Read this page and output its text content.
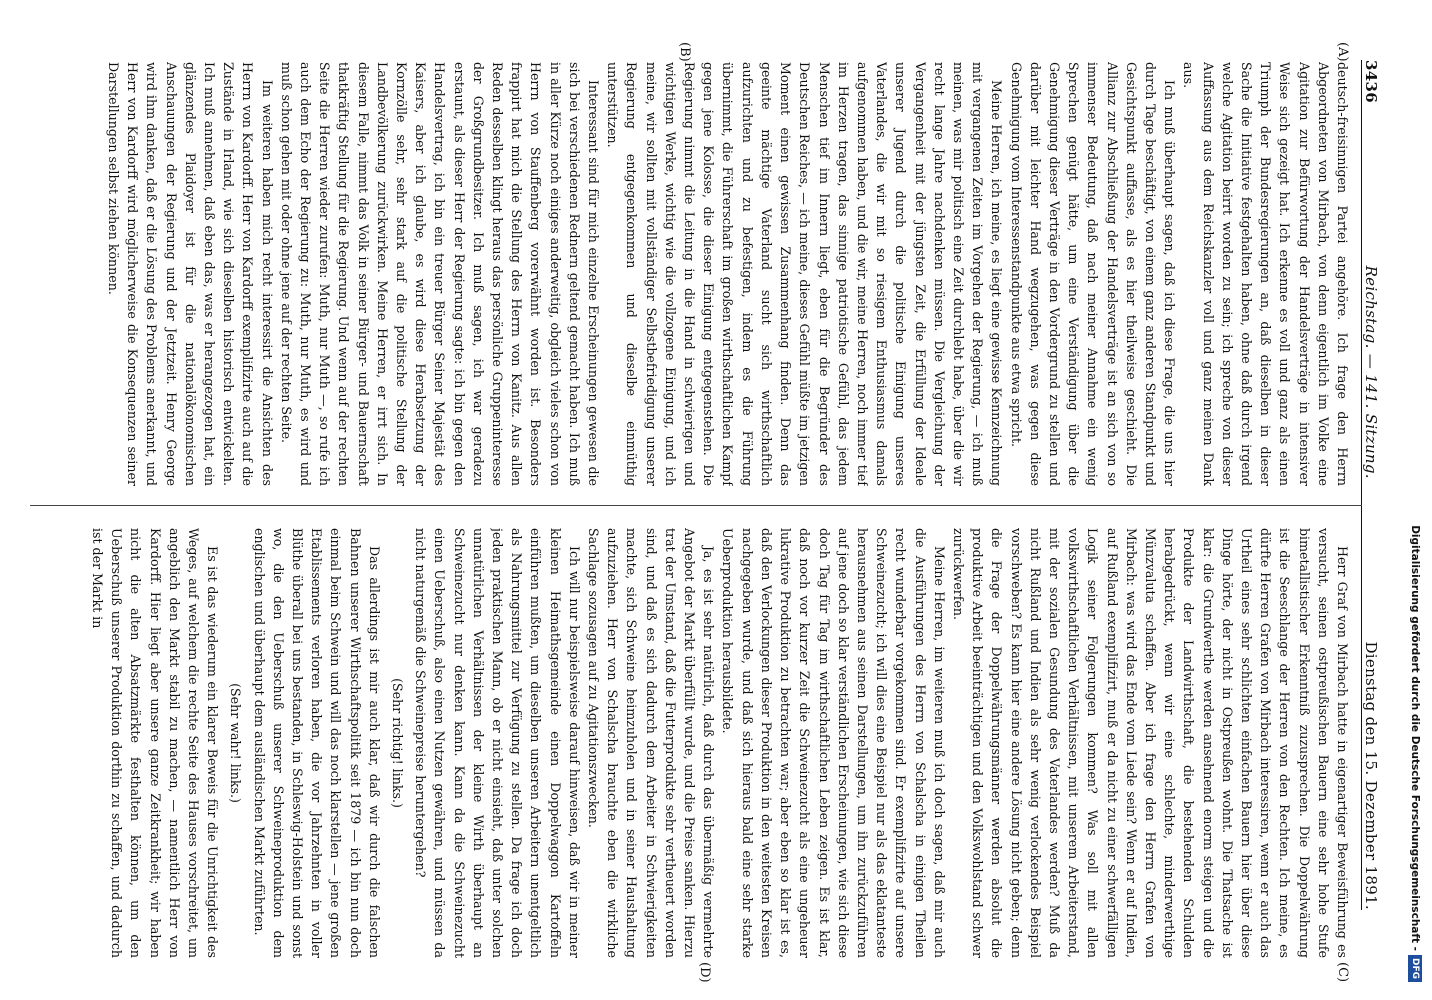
3436
Reichstag. — 141. Sitzung.
Dienstag den 15. Dezember 1891.
(A)
(B)
(C)
(D)

deutsch-freisinnigen Partei angehöre. Ich frage den Herrn Abgeordneten von Mirbach, von denn eigentlich im Volke eine Agitation zur Befürwortung der Handelsverträge in intensiver Weise sich gezeigt hat. Ich erkenne es voll und ganz als einen Triumph der Bundesregierungen an, daß dieselben in dieser Sache die Initiative festgehalten haben, ohne daß durch irgend welche Agitation beirrt worden zu sein; ich spreche von dieser Auffassung aus dem Reichskanzler voll und ganz meinen Dank aus.

Ich muß überhaupt sagen, daß ich diese Frage, die uns hier durch Tage beschäftigt, von einem ganz anderen Standpunkt und Gesichtspunkt auffasse, als es hier theilweise geschieht. Die Allianz zur Abschließung der Handelsverträge ist an sich von so immenser Bedeutung, daß nach meiner Annahme ein wenig Sprechen genügt hätte, um eine Verständigung über die Genehmigung dieser Verträge in den Vordergrund zu stellen und darüber mit leichter Hand wegzugehen, was gegen diese Genehmigung vom Interessenstandpunkte aus etwa spricht.

Meine Herren, ich meine, es liegt eine gewisse Kennzeichnung mit vergangenen Zeiten im Vorgehen der Regierung, — ich muß meinen, was mir politisch eine Zeit durchlebt habe, über die wir recht lange Jahre nachdenken müssen. Die Vergleichung der Vergangenheit mit der jüngsten Zeit, die Erfüllung der Ideale unserer Jugend durch die politische Einigung unseres Vaterlandes, die wir mit so riesigem Enthusiasmus damals aufgenommen haben, und die wir, meine Herren, noch immer tief im Herzen tragen, das sinnige patriotische Gefühl, das jedem Menschen tief im Innern liegt, eben für die Begründer des Deutschen Reiches, — ich meine, dieses Gefühl müßte im jetzigen Moment einen gewissen Zusammenhang finden. Denn das geeinte mächtige Vaterland sucht sich wirthschaftlich aufzurichten und zu befestigen, indem es die Führung übernimmt, die Führerschaft im großen wirthschaftlichen Kampf gegen jene Kolosse, die dieser Einigung entgegenstehen. Die Regierung nimmt die Leitung in die Hand in schwierigen und wichtigen Werke, wichtig wie die vollzogene Einigung, und ich meine, wir sollten mit vollständiger Selbstbefriedigung unserer Regierung entgegenkommen und dieselbe einmüthig unterstützen.

Interessant sind für mich einzelne Erscheinungen gewesen die sich bei verschiedenen Rednern geltend gemacht haben. Ich muß in aller Kürze noch einiges anderweitig, obgleich vieles schon von Herrn von Stauffenberg vorerwähnt worden ist. Besonders frappirt hat mich die Stellung des Herrn von Kanitz. Aus allen Reden desselben klingt heraus das persönliche Gruppeninteresse der Großgrundbesitzer. Ich muß sagen, ich war geradezu erstaunt, als dieser Herr der Regierung sagte: ich bin gegen den Handelsvertrag, ich bin ein treuer Bürger Seiner Majestät des Kaisers, aber ich glaube, es wird diese Herabsetzung der Kornzölle sehr, sehr stark auf die politische Stellung der Landbevölkerung zurückwirken. Meine Herren, er irrt sich. In diesem Falle, nimmt das Volk in seiner Bürger- und Bauernschaft thatkräftig Stellung für die Regierung. Und wenn auf der rechten Seite die Herren wieder zurufen: Muth, nur Muth —, so rufe ich auch dem Echo der Regierung zu: Muth, nur Muth, es wird und muß schon gehen mit oder ohne jene auf der rechten Seite.

Im weiteren haben mich recht interessirt die Ansichten des Herrn von Kardorff. Herr von Kardorff exemplifizirte auch auf die Zustände in Irland, wie sich dieselben historisch entwickelten. Ich muß annehmen, daß eben das, was er herangezogen hat, ein glänzendes Plaidoyer ist für die nationalökonomischen Anschauungen der Regierung und der Jetztzeit. Henry George wird ihm danken, daß er die Lösung des Problems anerkannt, und Herr von Kardorff wird möglicherweise die Konsequenzen seiner Darstellungen selbst ziehen können.

Herr Graf von Mirbach hatte in eigenartiger Beweisführung es versucht, seinen ostpreußischen Bauern eine sehr hohe Stufe bimetallistischer Erkenntniß zuzusprechen. Die Doppelwährung ist die Seeschlange der Herren von den Rechten. Ich meine, es dürfte Herren Grafen von Mirbach interessiren, wenn er auch das Urtheil eines sehr schlichten einfachen Bauern hier über diese Dinge hörte, der nicht in Ostpreußen wohnt. Die Thatsache ist klar: die Grundwerthe werden ansehnend enorm steigen und die Produkte der Landwirthschaft, die bestehenden Schulden herabgedrückt, wenn wir eine schlechte, minderwerthige Münzvaluta schaffen. Aber ich frage den Herrn Grafen von Mirbach: was wird das Ende vom Liede sein? Wenn er auf Indien, auf Rußland exemplifizirt, muß er da nicht zu einer schwerfälligen Logik seiner Folgerungen kommen? Was soll mit allen volkswirthschaftlichen Verhältnissen, mit unserem Arbeiterstand, mit der sozialen Gesundung des Vaterlandes werden? Muß da nicht Rußland und Indien als sehr wenig verlockendes Beispiel vorschweben? Es kann hier eine andere Lösung nicht geben; denn die Frage der Doppelwährungsmänner werden absolut die produktive Arbeit beeinträchtigen und den Volkswohlstand schwer zurückwerfen.

Meine Herren, im weiteren muß ich doch sagen, daß mir auch die Ausführungen des Herrn von Schalscha in einigen Theilen recht wunderbar vorgekommen sind. Er exemplifizirte auf unsere Schweinezucht; ich will dies eine Beispiel nur als das eklatanteste herausnehmen aus seinen Darstellungen, um ihn zurückzuführen auf jene doch so klar verständlichen Erscheinungen, wie sich diese doch Tag für Tag im wirthschaftlichen Leben zeigen. Es ist klar, daß noch vor kurzer Zeit die Schweinezucht als eine ungeheuer lukrative Produktion zu betrachten war; aber eben so klar ist es, daß den Verlockungen dieser Produktion in den weitesten Kreisen nachgegeben wurde, und daß sich hieraus bald eine sehr starke Ueberproduktion herausbildete.

Ja, es ist sehr natürlich, daß durch das übermäßig vermehrte Angebot der Markt überfüllt wurde, und die Preise sanken. Hierzu trat der Umstand, daß die Futterprodukte sehr vertheuert worden sind, und daß es sich dadurch dem Arbeiter in Schwierigkeiten machte, sich Schweine heimzuholen und in seiner Haushaltung aufzuziehen. Herr von Schalscha brauchte eben die wirkliche Sachlage sozusagen auf zu Agitationszwecken.

Ich will nur beispielsweise darauf hinweisen, daß wir in meiner kleinen Heimathsgemeinde einen Doppelwaggon Kartoffeln einführen mußten, um dieselben unseren Arbeitern unentgeltlich als Nahrungsmittel zur Verfügung zu stellen. Da frage ich doch jeden praktischen Mann, ob er nicht einsieht, daß unter solchen unnatürlichen Verhältnissen der kleine Wirth überhaupt an Schweinezucht nur denken kann. Kann da die Schweinezucht einen Ueberschuß, also einen Nutzen gewähren, und müssen da nicht naturgemäß die Schweinepreise heruntergehen?

(Sehr richtig! links.)

Das allerdings ist mir auch klar, daß wir durch die falschen Bahnen unserer Wirthschaftspolitik seit 1879 — ich bin nun doch einmal beim Schwein und will das noch klarstellen — jene großen Etablissements verloren haben, die vor Jahrzehnten in voller Blüthe überall bei uns bestanden, in Schleswig-Holstein und sonst wo, die den Ueberschuß unserer Schweineproduktion dem englischen und überhaupt dem ausländischen Markt zuführten.

(Sehr wahr! links.)

Es ist das wiederum ein klarer Beweis für die Unrichtigkeit des Weges, auf welchem die rechte Seite des Hauses vorschreitet, um angeblich den Markt stabil zu machen, — namentlich Herr von Kardorff. Hier liegt aber unsere ganze Zeitkrankheit; wir haben nicht die alten Absatzmärkte festhalten können, um den Ueberschuß unserer Produktion dorthin zu schaffen, und dadurch ist der Markt in	Digitalisierung gefördert durch die Deutsche Forschungsgemeinschaft -DFG
